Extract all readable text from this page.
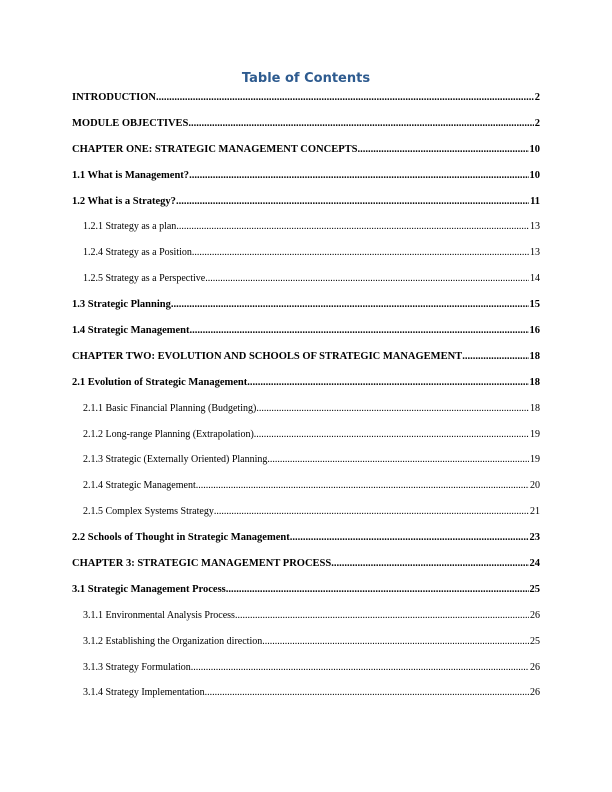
Table of Contents
INTRODUCTION .....	2
MODULE OBJECTIVES .....	2
CHAPTER ONE: STRATEGIC MANAGEMENT CONCEPTS .....	10
1.1 What is Management? .....	10
1.2 What is a Strategy? .....	11
1.2.1 Strategy as a plan .....	13
1.2.4 Strategy as a Position .....	13
1.2.5 Strategy as a Perspective .....	14
1.3 Strategic Planning .....	15
1.4 Strategic Management .....	16
CHAPTER TWO: EVOLUTION AND SCHOOLS OF STRATEGIC MANAGEMENT .....	18
2.1 Evolution of Strategic Management .....	18
2.1.1 Basic Financial Planning (Budgeting) .....	18
2.1.2 Long-range Planning (Extrapolation) .....	19
2.1.3 Strategic (Externally Oriented) Planning .....	19
2.1.4 Strategic Management .....	20
2.1.5 Complex Systems Strategy .....	21
2.2 Schools of Thought in Strategic Management .....	23
CHAPTER 3: STRATEGIC MANAGEMENT PROCESS .....	24
3.1 Strategic Management Process .....	25
3.1.1 Environmental Analysis Process .....	26
3.1.2 Establishing the Organization direction .....	25
3.1.3 Strategy Formulation .....	26
3.1.4 Strategy Implementation .....	26
